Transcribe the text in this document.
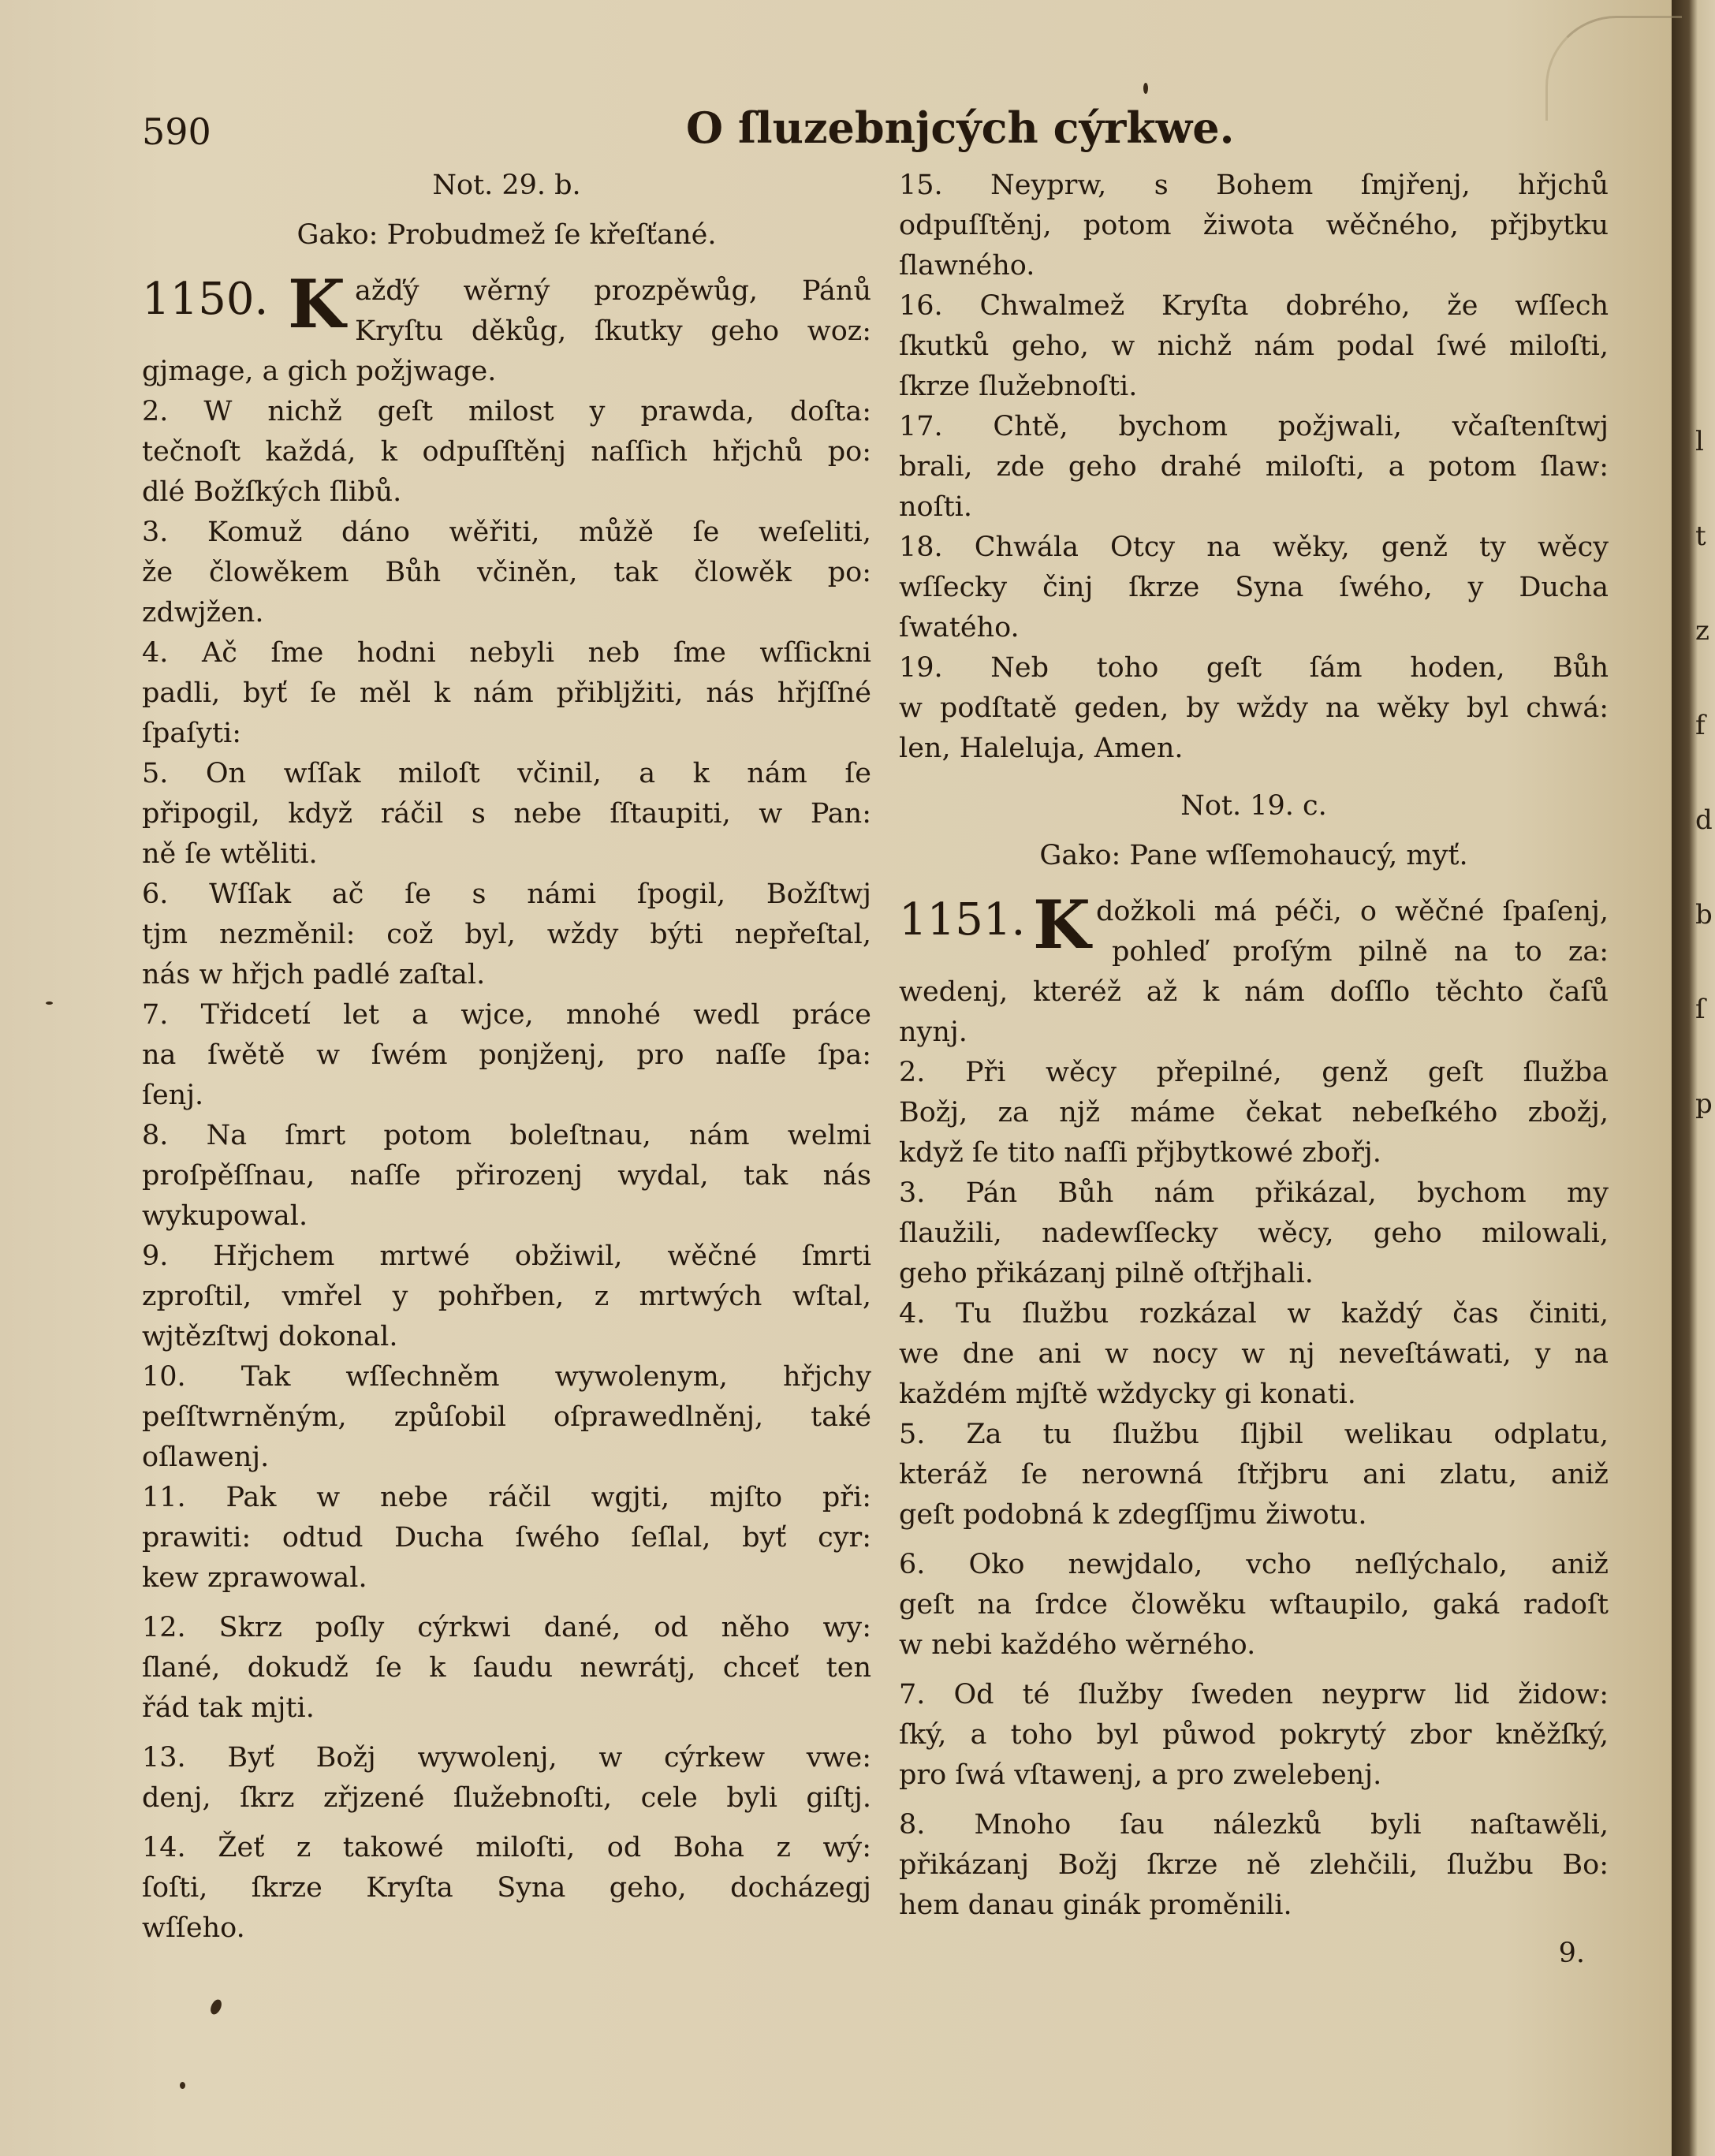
l
t
z
f
d
b
ſ
p
590	O ſluzebnjcých cýrkwe.
Not. 29. b.
Gako: Probudmež ſe křeſťané.
1150. K ažďý wěrný prozpěwůg, Pánů
Kryſtu děkůg, ſkutky geho woz:
gjmage, a gich požjwage.
2. W nichž geſt milost y prawda, doſta:
tečnoſt každá, k odpuſſtěnj naſſich hřjchů po:
dlé Božſkých ſlibů.
3. Komuž dáno wěřiti, můžě ſe weſeliti,
že člowěkem Bůh včiněn, tak člowěk po:
zdwjžen.
4. Ač ſme hodni nebyli neb ſme wſſickni
padli, byť ſe měl k nám přiblјžiti, nás hřjſſné
ſpaſyti:
5. On wſſak miloſt včinil, a k nám ſe
připogil, když ráčil s nebe ſſtaupiti, w Pan:
ně ſe wtěliti.
6. Wſſak ač ſe s námi ſpogil, Božſtwj
tjm nezměnil: což byl, wždy býti nepřeſtal,
nás w hřjch padlé zaſtal.
7. Třidcetí let a wjce, mnohé wedl práce
na ſwětě w ſwém ponjženj, pro naſſe ſpa:
ſenj.
8. Na ſmrt potom boleſtnau, nám welmi
proſpěſſnau, naſſe přirozenj wydal, tak nás
wykupowal.
9. Hřjchem mrtwé obžiwil, wěčné ſmrti
zproſtil, vmřel y pohřben, z mrtwých wſtal,
wjtězſtwj dokonal.
10. Tak wſſechněm wywolenym, hřjchy
peſſtwrněným, způſobil oſprawedlněnj, také
oſlawenj.
11. Pak w nebe ráčil wgjti, mjſto při:
prawiti: odtud Ducha ſwého ſeſlal, byť cyr:
kew zprawowal.
12. Skrz poſly cýrkwi dané, od něho wy:
ſlané, dokudž ſe k ſaudu newrátj, chceť ten
řád tak mjti.
13. Byť Božj wywolenj, w cýrkew vwe:
denj, ſkrz zřjzené ſlužebnoſti, cele byli giſtj.
14. Žeť z takowé miloſti, od Boha z wý:
ſoſti, ſkrze Kryſta Syna geho, docházegj
wſſeho.
15. Neyprw, s Bohem ſmjřenj, hřjchů
odpuſſtěnj, potom žiwota wěčného, přjbytku
ſlawného.
16. Chwalmež Kryſta dobrého, že wſſech
ſkutků geho, w nichž nám podal ſwé miloſti,
ſkrze ſlužebnoſti.
17. Chtě, bychom požjwali, včaſtenſtwj
brali, zde geho drahé miloſti, a potom ſlaw:
noſti.
18. Chwála Otcy na wěky, genž ty wěcy
wſſecky činj ſkrze Syna ſwého, y Ducha
ſwatého.
19. Neb toho geſt ſám hoden, Bůh
w podſtatě geden, by wždy na wěky byl chwá:
len, Haleluja, Amen.
Not. 19. c.
Gako: Pane wſſemohaucý, myť.
1151. K dožkoli má péči, o wěčné ſpaſenj,
pohleď proſým pilně na to za:
wedenj, kteréž až k nám doſſlo těchto čaſů
nynj.
2. Při wěcy přepilné, genž geſt ſlužba
Božj, za njž máme čekat nebeſkého zbožj,
když ſe tito naſſi přjbytkowé zbořj.
3. Pán Bůh nám přikázal, bychom my
ſlaužili, nadewſſecky wěcy, geho milowali,
geho přikázanj pilně oſtřjhali.
4. Tu ſlužbu rozkázal w každý čas činiti,
we dne ani w nocy w nj neveſtáwati, y na
každém mjſtě wždycky gi konati.
5. Za tu ſlužbu ſljbil welikau odplatu,
kteráž ſe nerowná ſtřjbru ani zlatu, aniž
geſt podobná k zdegſſjmu žiwotu.
6. Oko newjdalo, vcho neſlýchalo, aniž
geſt na ſrdce člowěku wſtaupilo, gaká radoſt
w nebi každého wěrného.
7. Od té ſlužby ſweden neyprw lid židow:
ſký, a toho byl půwod pokrytý zbor kněžſký,
pro ſwá vſtawenj, a pro zwelebenj.
8. Mnoho ſau nálezků byli naſtawěli,
přikázanj Božj ſkrze ně zlehčili, ſlužbu Bo:
hem danau ginák proměnili.
9.
